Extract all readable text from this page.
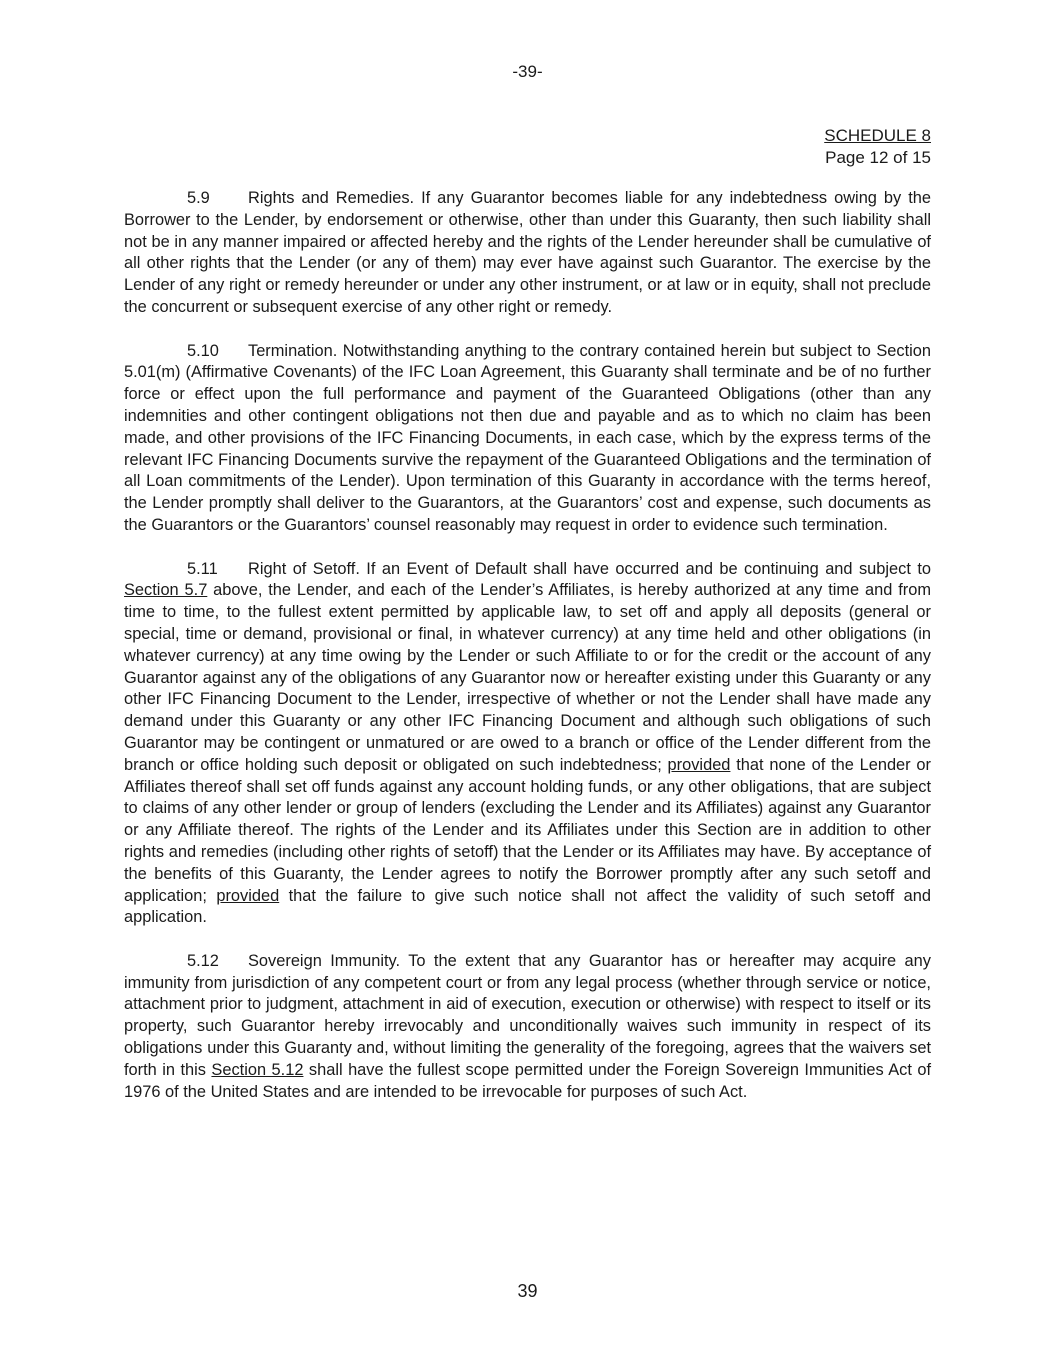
-39-
SCHEDULE 8
Page 12 of 15

5.9 Rights and Remedies. If any Guarantor becomes liable for any indebtedness owing by the Borrower to the Lender, by endorsement or otherwise, other than under this Guaranty, then such liability shall not be in any manner impaired or affected hereby and the rights of the Lender hereunder shall be cumulative of all other rights that the Lender (or any of them) may ever have against such Guarantor. The exercise by the Lender of any right or remedy hereunder or under any other instrument, or at law or in equity, shall not preclude the concurrent or subsequent exercise of any other right or remedy.

5.10 Termination. Notwithstanding anything to the contrary contained herein but subject to Section 5.01(m) (Affirmative Covenants) of the IFC Loan Agreement, this Guaranty shall terminate and be of no further force or effect upon the full performance and payment of the Guaranteed Obligations (other than any indemnities and other contingent obligations not then due and payable and as to which no claim has been made, and other provisions of the IFC Financing Documents, in each case, which by the express terms of the relevant IFC Financing Documents survive the repayment of the Guaranteed Obligations and the termination of all Loan commitments of the Lender). Upon termination of this Guaranty in accordance with the terms hereof, the Lender promptly shall deliver to the Guarantors, at the Guarantors’ cost and expense, such documents as the Guarantors or the Guarantors’ counsel reasonably may request in order to evidence such termination.

5.11 Right of Setoff. If an Event of Default shall have occurred and be continuing and subject to Section 5.7 above, the Lender, and each of the Lender’s Affiliates, is hereby authorized at any time and from time to time, to the fullest extent permitted by applicable law, to set off and apply all deposits (general or special, time or demand, provisional or final, in whatever currency) at any time held and other obligations (in whatever currency) at any time owing by the Lender or such Affiliate to or for the credit or the account of any Guarantor against any of the obligations of any Guarantor now or hereafter existing under this Guaranty or any other IFC Financing Document to the Lender, irrespective of whether or not the Lender shall have made any demand under this Guaranty or any other IFC Financing Document and although such obligations of such Guarantor may be contingent or unmatured or are owed to a branch or office of the Lender different from the branch or office holding such deposit or obligated on such indebtedness; provided that none of the Lender or Affiliates thereof shall set off funds against any account holding funds, or any other obligations, that are subject to claims of any other lender or group of lenders (excluding the Lender and its Affiliates) against any Guarantor or any Affiliate thereof. The rights of the Lender and its Affiliates under this Section are in addition to other rights and remedies (including other rights of setoff) that the Lender or its Affiliates may have. By acceptance of the benefits of this Guaranty, the Lender agrees to notify the Borrower promptly after any such setoff and application; provided that the failure to give such notice shall not affect the validity of such setoff and application.

5.12 Sovereign Immunity. To the extent that any Guarantor has or hereafter may acquire any immunity from jurisdiction of any competent court or from any legal process (whether through service or notice, attachment prior to judgment, attachment in aid of execution, execution or otherwise) with respect to itself or its property, such Guarantor hereby irrevocably and unconditionally waives such immunity in respect of its obligations under this Guaranty and, without limiting the generality of the foregoing, agrees that the waivers set forth in this Section 5.12 shall have the fullest scope permitted under the Foreign Sovereign Immunities Act of 1976 of the United States and are intended to be irrevocable for purposes of such Act.

39
